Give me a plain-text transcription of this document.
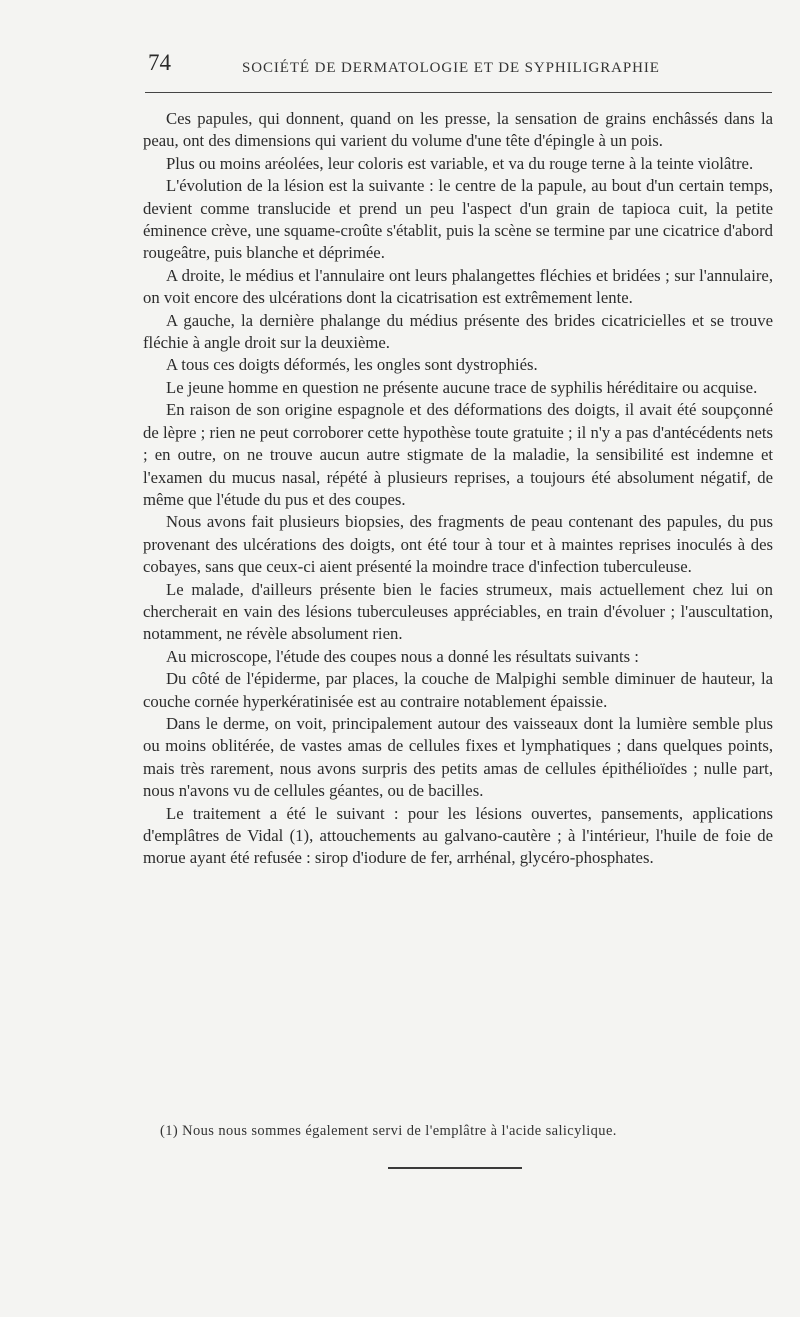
74	SOCIÉTÉ DE DERMATOLOGIE ET DE SYPHILIGRAPHIE

Ces papules, qui donnent, quand on les presse, la sensation de grains enchâssés dans la peau, ont des dimensions qui varient du volume d'une tête d'épingle à un pois.

Plus ou moins aréolées, leur coloris est variable, et va du rouge terne à la teinte violâtre.

L'évolution de la lésion est la suivante : le centre de la papule, au bout d'un certain temps, devient comme translucide et prend un peu l'aspect d'un grain de tapioca cuit, la petite éminence crève, une squame-croûte s'établit, puis la scène se termine par une cicatrice d'abord rougeâtre, puis blanche et déprimée.

A droite, le médius et l'annulaire ont leurs phalangettes fléchies et bridées ; sur l'annulaire, on voit encore des ulcérations dont la cicatrisation est extrêmement lente.

A gauche, la dernière phalange du médius présente des brides cicatricielles et se trouve fléchie à angle droit sur la deuxième.

A tous ces doigts déformés, les ongles sont dystrophiés.

Le jeune homme en question ne présente aucune trace de syphilis héréditaire ou acquise.

En raison de son origine espagnole et des déformations des doigts, il avait été soupçonné de lèpre ; rien ne peut corroborer cette hypothèse toute gratuite ; il n'y a pas d'antécédents nets ; en outre, on ne trouve aucun autre stigmate de la maladie, la sensibilité est indemne et l'examen du mucus nasal, répété à plusieurs reprises, a toujours été absolument négatif, de même que l'étude du pus et des coupes.

Nous avons fait plusieurs biopsies, des fragments de peau contenant des papules, du pus provenant des ulcérations des doigts, ont été tour à tour et à maintes reprises inoculés à des cobayes, sans que ceux-ci aient présenté la moindre trace d'infection tuberculeuse.

Le malade, d'ailleurs présente bien le facies strumeux, mais actuellement chez lui on chercherait en vain des lésions tuberculeuses appréciables, en train d'évoluer ; l'auscultation, notamment, ne révèle absolument rien.

Au microscope, l'étude des coupes nous a donné les résultats suivants :

Du côté de l'épiderme, par places, la couche de Malpighi semble diminuer de hauteur, la couche cornée hyperkératinisée est au contraire notablement épaissie.

Dans le derme, on voit, principalement autour des vaisseaux dont la lumière semble plus ou moins oblitérée, de vastes amas de cellules fixes et lymphatiques ; dans quelques points, mais très rarement, nous avons surpris des petits amas de cellules épithélioïdes ; nulle part, nous n'avons vu de cellules géantes, ou de bacilles.

Le traitement a été le suivant : pour les lésions ouvertes, pansements, applications d'emplâtres de Vidal (1), attouchements au galvano-cautère ; à l'intérieur, l'huile de foie de morue ayant été refusée : sirop d'iodure de fer, arrhénal, glycéro-phosphates.

(1) Nous nous sommes également servi de l'emplâtre à l'acide salicylique.
